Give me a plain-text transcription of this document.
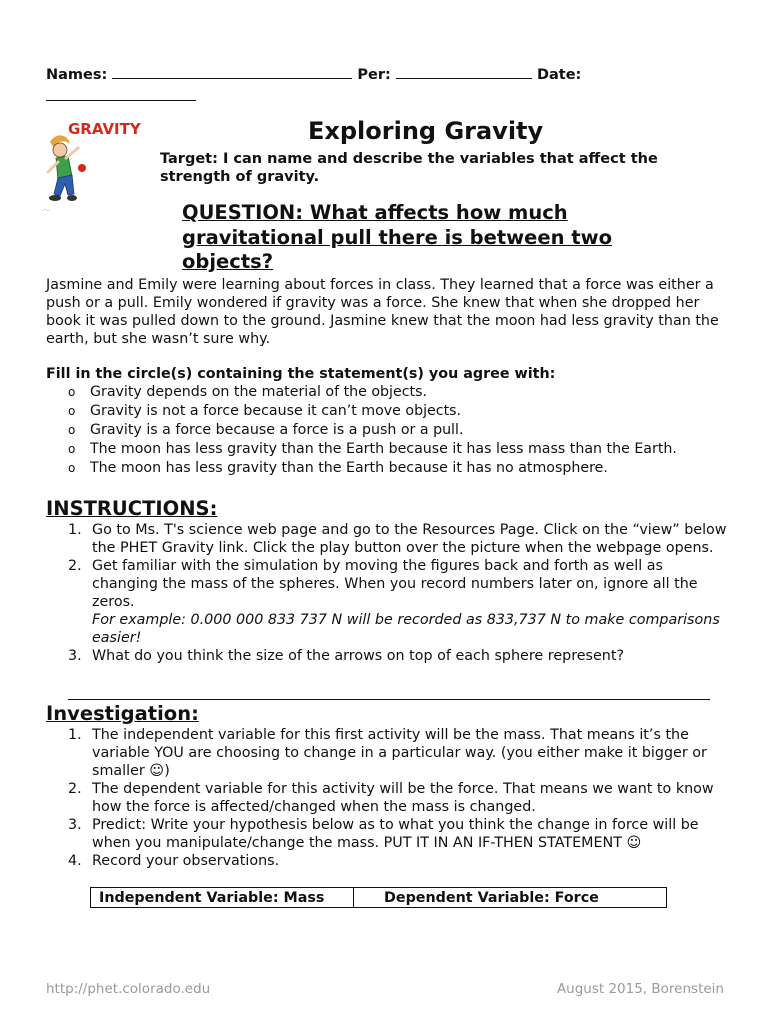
Names:	Per:	Date:
GRAVITY
.-..
Exploring Gravity
Target: I can name and describe the variables that affect the strength of gravity.
QUESTION: What affects how much gravitational pull there is between two objects?
Jasmine and Emily were learning about forces in class. They learned that a force was either a push or a pull. Emily wondered if gravity was a force. She knew that when she dropped her book it was pulled down to the ground. Jasmine knew that the moon had less gravity than the earth, but she wasn’t sure why.
Fill in the circle(s) containing the statement(s) you agree with:
o Gravity depends on the material of the objects.
o Gravity is not a force because it can’t move objects.
o Gravity is a force because a force is a push or a pull.
o The moon has less gravity than the Earth because it has less mass than the Earth.
o The moon has less gravity than the Earth because it has no atmosphere.
INSTRUCTIONS:
1. Go to Ms. T's science web page and go to the Resources Page. Click on the “view” below the PHET Gravity link. Click the play button over the picture when the webpage opens.
2. Get familiar with the simulation by moving the figures back and forth as well as changing the mass of the spheres. When you record numbers later on, ignore all the zeros.
For example: 0.000 000 833 737 N will be recorded as 833,737 N to make comparisons easier!
3. What do you think the size of the arrows on top of each sphere represent?
Investigation:
1. The independent variable for this first activity will be the mass. That means it’s the variable YOU are choosing to change in a particular way. (you either make it bigger or smaller ☺)
2. The dependent variable for this activity will be the force. That means we want to know how the force is affected/changed when the mass is changed.
3. Predict: Write your hypothesis below as to what you think the change in force will be when you manipulate/change the mass. PUT IT IN AN IF-THEN STATEMENT ☺
4. Record your observations.
Independent Variable: Mass	Dependent Variable: Force
http://phet.colorado.edu	August 2015, Borenstein
